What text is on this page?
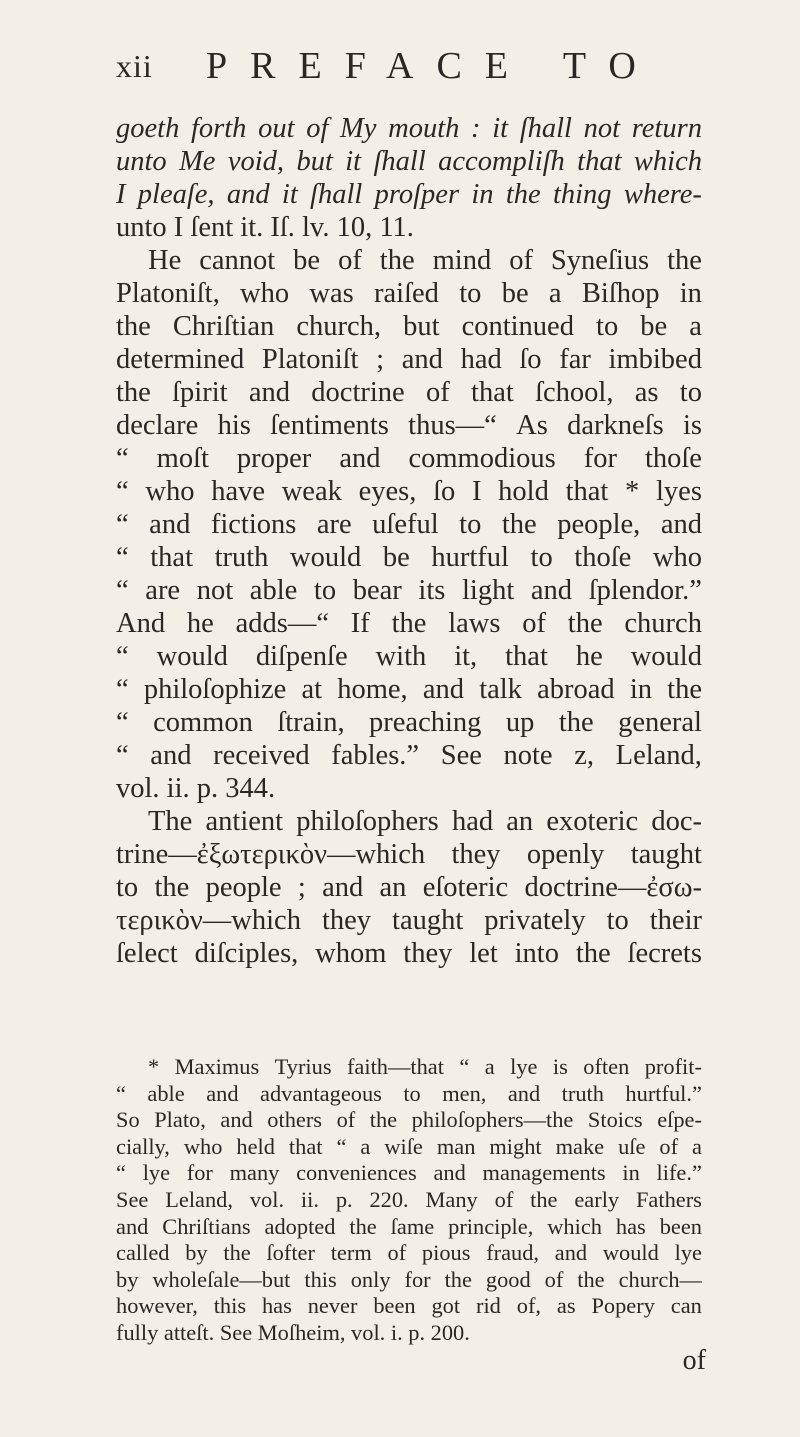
xii PREFACE TO
goeth forth out of My mouth : it ſhall not return
unto Me void, but it ſhall accompliſh that which
I pleaſe, and it ſhall proſper in the thing where-
unto I ſent it. Iſ. lv. 10, 11.
He cannot be of the mind of Syneſius the
Platoniſt, who was raiſed to be a Biſhop in
the Chriſtian church, but continued to be a
determined Platoniſt ; and had ſo far imbibed
the ſpirit and doctrine of that ſchool, as to
declare his ſentiments thus—“ As darkneſs is
“ moſt proper and commodious for thoſe
“ who have weak eyes, ſo I hold that * lyes
“ and fictions are uſeful to the people, and
“ that truth would be hurtful to thoſe who
“ are not able to bear its light and ſplendor.”
And he adds—“ If the laws of the church
“ would diſpenſe with it, that he would
“ philoſophize at home, and talk abroad in the
“ common ſtrain, preaching up the general
“ and received fables.” See note z, Leland,
vol. ii. p. 344.
The antient philoſophers had an exoteric doc-
trine—ἐξωτερικὸν—which they openly taught
to the people ; and an eſoteric doctrine—ἐσω-
τερικὸν—which they taught privately to their
ſelect diſciples, whom they let into the ſecrets
* Maximus Tyrius faith—that “ a lye is often profit-
“ able and advantageous to men, and truth hurtful.”
So Plato, and others of the philoſophers—the Stoics eſpe-
cially, who held that “ a wiſe man might make uſe of a
“ lye for many conveniences and managements in life.”
See Leland, vol. ii. p. 220. Many of the early Fathers
and Chriſtians adopted the ſame principle, which has been
called by the ſofter term of pious fraud, and would lye
by wholeſale—but this only for the good of the church—
however, this has never been got rid of, as Popery can
fully atteſt. See Moſheim, vol. i. p. 200.
of
